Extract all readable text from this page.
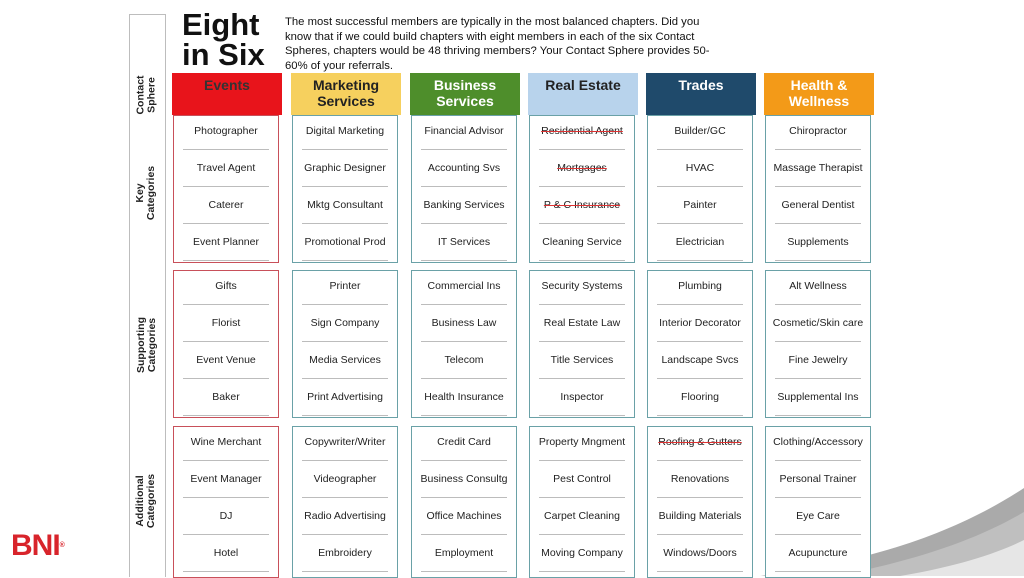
Contact
Sphere
Key
Categories
Supporting
Categories
Additional
Categories
Eight
in Six
The most successful members are typically in the most balanced chapters. Did you know that if we could build chapters with eight members in each of the six Contact Spheres, chapters would be 48 thriving members? Your Contact Sphere provides 50-60% of your referrals.
Events
Photographer
Travel Agent
Caterer
Event Planner
Gifts
Florist
Event Venue
Baker
Wine Merchant
Event Manager
DJ
Hotel
Marketing
Services
Digital Marketing
Graphic Designer
Mktg Consultant
Promotional Prod
Printer
Sign Company
Media Services
Print Advertising
Copywriter/Writer
Videographer
Radio Advertising
Embroidery
Business
Services
Financial Advisor
Accounting Svs
Banking Services
IT Services
Commercial Ins
Business Law
Telecom
Health Insurance
Credit Card
Business Consultg
Office Machines
Employment
Real Estate
Residential Agent
Mortgages
P & C Insurance
Cleaning Service
Security Systems
Real Estate Law
Title Services
Inspector
Property Mngment
Pest Control
Carpet Cleaning
Moving Company
Trades
Builder/GC
HVAC
Painter
Electrician
Plumbing
Interior Decorator
Landscape Svcs
Flooring
Roofing & Gutters
Renovations
Building Materials
Windows/Doors
Health &
Wellness
Chiropractor
Massage Therapist
General Dentist
Supplements
Alt Wellness
Cosmetic/Skin care
Fine Jewelry
Supplemental Ins
Clothing/Accessory
Personal Trainer
Eye Care
Acupuncture
BNI®
